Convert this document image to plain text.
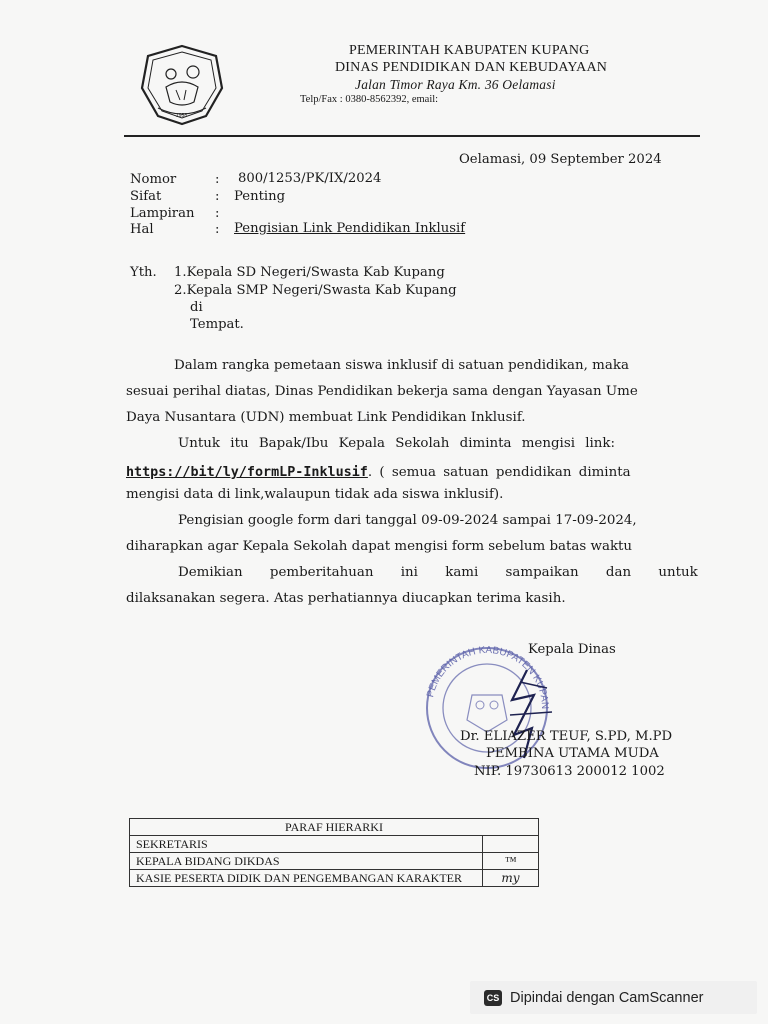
1958
PEMERINTAH KABUPATEN KUPANG
DINAS PENDIDIKAN DAN KEBUDAYAAN
Jalan Timor Raya Km. 36 Oelamasi
Telp/Fax : 0380-8562392, email:
Oelamasi, 09 September 2024
Nomor	: 800/1253/PK/IX/2024
Sifat	: Penting
Lampiran :
Hal	: Pengisian Link Pendidikan Inklusif
Yth. 1.Kepala SD Negeri/Swasta Kab Kupang
2.Kepala SMP Negeri/Swasta Kab Kupang
di
Tempat.
Dalam rangka pemetaan siswa inklusif di satuan pendidikan, maka
sesuai perihal diatas, Dinas Pendidikan bekerja sama dengan Yayasan Ume
Daya Nusantara (UDN) membuat Link Pendidikan Inklusif.
Untuk itu Bapak/Ibu Kepala Sekolah diminta mengisi link:
https://bit/ly/formLP-Inklusif. ( semua satuan pendidikan diminta
mengisi data di link,walaupun tidak ada siswa inklusif).
Pengisian google form dari tanggal 09-09-2024 sampai 17-09-2024,
diharapkan agar Kepala Sekolah dapat mengisi form sebelum batas waktu
Demikian pemberitahuan ini kami sampaikan dan untuk
dilaksanakan segera. Atas perhatiannya diucapkan terima kasih.
Kepala Dinas
PEMERINTAH KABUPATEN KUPAN
Dr. ELIAZER TEUF, S.PD, M.PD
PEMBINA UTAMA MUDA
NIP. 19730613 200012 1002
PARAF HIERARKI	
SEKRETARIS	
KEPALA BIDANG DIKDAS	™
KASIE PESERTA DIDIK DAN PENGEMBANGAN KARAKTER	my
CS Dipindai dengan CamScanner
